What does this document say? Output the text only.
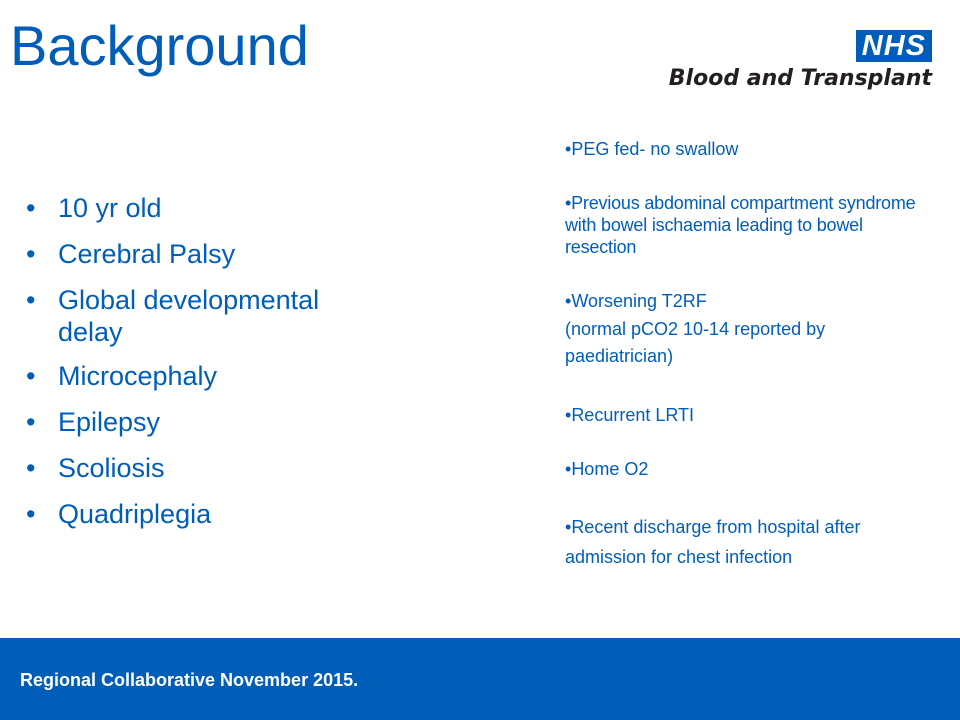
Background	NHS
Blood and Transplant
• 10 yr old
• Cerebral Palsy
• Global developmental delay
• Microcephaly
• Epilepsy
• Scoliosis
• Quadriplegia
• PEG fed- no swallow
• Previous abdominal compartment syndrome with bowel ischaemia leading to bowel resection
• Worsening T2RF
(normal pCO2 10-14 reported by paediatrician)
• Recurrent LRTI
• Home O2
• Recent discharge from hospital after admission for chest infection
Regional Collaborative November 2015.
